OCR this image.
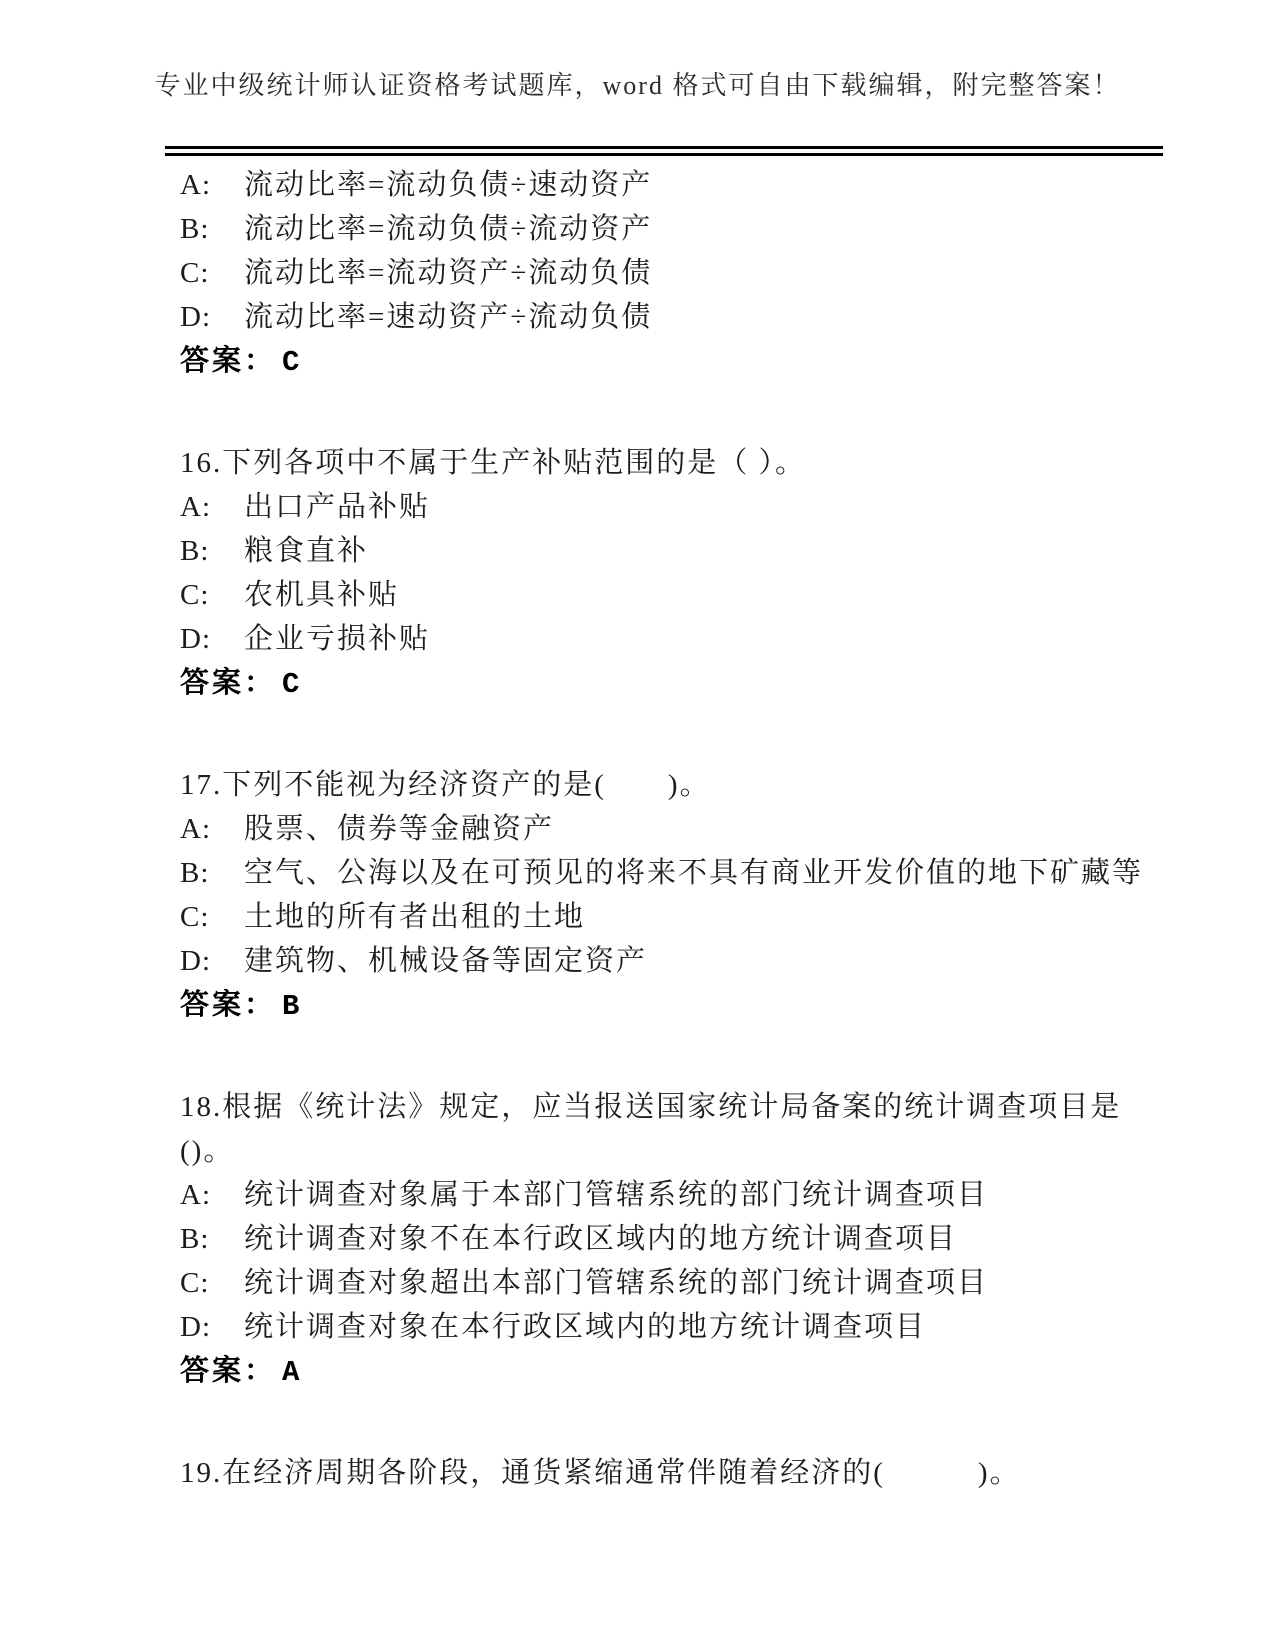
专业中级统计师认证资格考试题库，word 格式可自由下载编辑，附完整答案！
A:	流动比率=流动负债÷速动资产
B:	流动比率=流动负债÷流动资产
C:	流动比率=流动资产÷流动负债
D:	流动比率=速动资产÷流动负债
答案： C
16.下列各项中不属于生产补贴范围的是（ ）。
A:	出口产品补贴
B:	粮食直补
C:	农机具补贴
D:	企业亏损补贴
答案： C
17.下列不能视为经济资产的是(　　)。
A:	股票、债券等金融资产
B:	空气、公海以及在可预见的将来不具有商业开发价值的地下矿藏等
C:	土地的所有者出租的土地
D:	建筑物、机械设备等固定资产
答案： B
18.根据《统计法》规定，应当报送国家统计局备案的统计调查项目是
()。
A:	统计调查对象属于本部门管辖系统的部门统计调查项目
B:	统计调查对象不在本行政区域内的地方统计调查项目
C:	统计调查对象超出本部门管辖系统的部门统计调查项目
D:	统计调查对象在本行政区域内的地方统计调查项目
答案： A
19.在经济周期各阶段，通货紧缩通常伴随着经济的(　　　)。
